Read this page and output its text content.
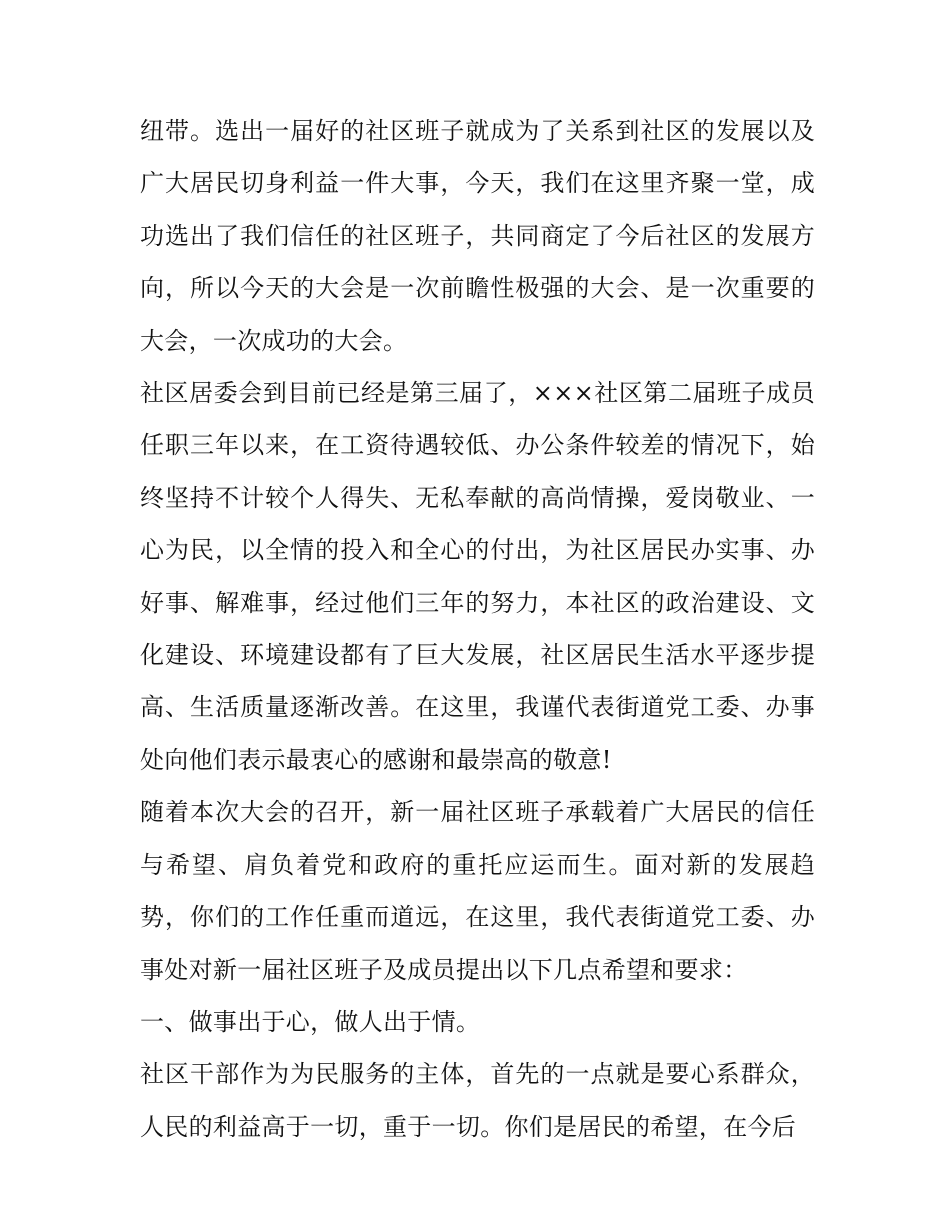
纽带。选出一届好的社区班子就成为了关系到社区的发展以及广大居民切身利益一件大事，今天，我们在这里齐聚一堂，成功选出了我们信任的社区班子，共同商定了今后社区的发展方向，所以今天的大会是一次前瞻性极强的大会、是一次重要的大会，一次成功的大会。

社区居委会到目前已经是第三届了，×××社区第二届班子成员任职三年以来，在工资待遇较低、办公条件较差的情况下，始终坚持不计较个人得失、无私奉献的高尚情操，爱岗敬业、一心为民，以全情的投入和全心的付出，为社区居民办实事、办好事、解难事，经过他们三年的努力，本社区的政治建设、文化建设、环境建设都有了巨大发展，社区居民生活水平逐步提高、生活质量逐渐改善。在这里，我谨代表街道党工委、办事处向他们表示最衷心的感谢和最崇高的敬意!

随着本次大会的召开，新一届社区班子承载着广大居民的信任与希望、肩负着党和政府的重托应运而生。面对新的发展趋势，你们的工作任重而道远，在这里，我代表街道党工委、办事处对新一届社区班子及成员提出以下几点希望和要求：

一、做事出于心，做人出于情。

社区干部作为为民服务的主体，首先的一点就是要心系群众，人民的利益高于一切，重于一切。你们是居民的希望，在今后
